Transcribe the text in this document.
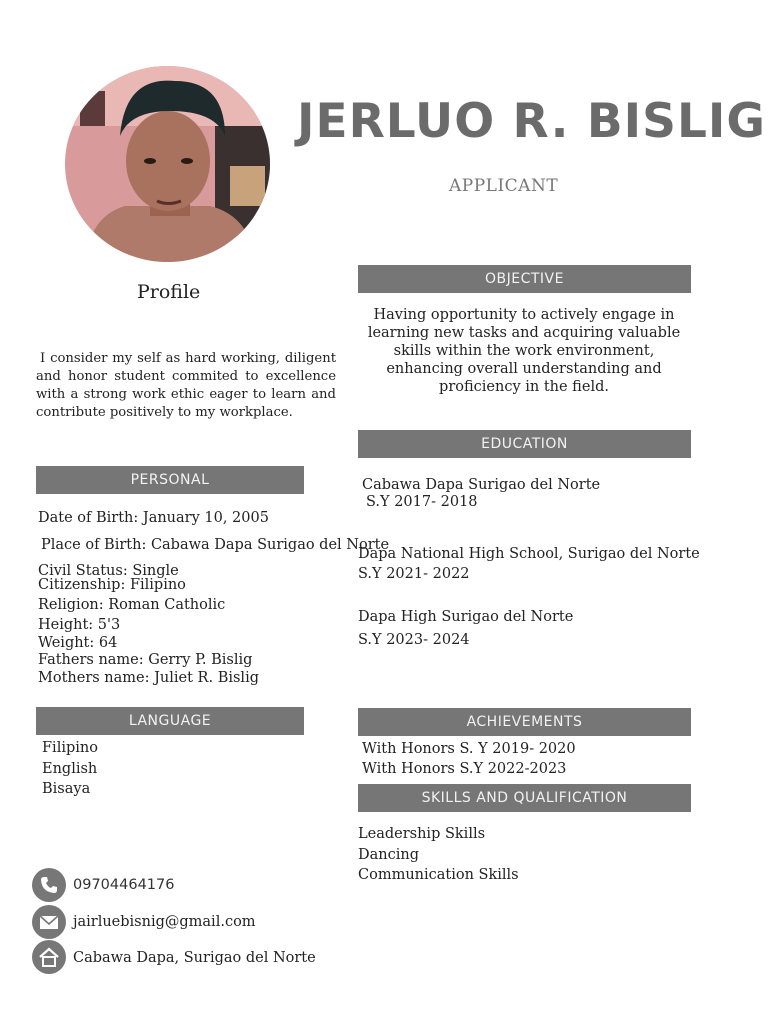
JERLUO R. BISLIG
APPLICANT
Profile
I consider my self as hard working, diligent and honor student commited to excellence with a strong work ethic eager to learn and contribute positively to my workplace.
OBJECTIVE
Having opportunity to actively engage in learning new tasks and acquiring valuable skills within the work environment, enhancing overall understanding and proficiency in the field.
EDUCATION
Cabawa Dapa Surigao del Norte
S.Y 2017- 2018
Dapa National High School, Surigao del Norte
S.Y 2021- 2022
Dapa High Surigao del Norte
S.Y 2023- 2024
PERSONAL
Date of Birth: January 10, 2005
Place of Birth: Cabawa Dapa Surigao del Norte
Civil Status: Single
Citizenship: Filipino
Religion: Roman Catholic
Height: 5'3
Weight: 64
Fathers name: Gerry P. Bislig
Mothers name: Juliet R. Bislig
LANGUAGE
Filipino
English
Bisaya
ACHIEVEMENTS
With Honors S. Y 2019- 2020
With Honors S.Y 2022-2023
SKILLS AND QUALIFICATION
Leadership Skills
Dancing
Communication Skills
09704464176
jairluebisnig@gmail.com
Cabawa Dapa, Surigao del Norte
